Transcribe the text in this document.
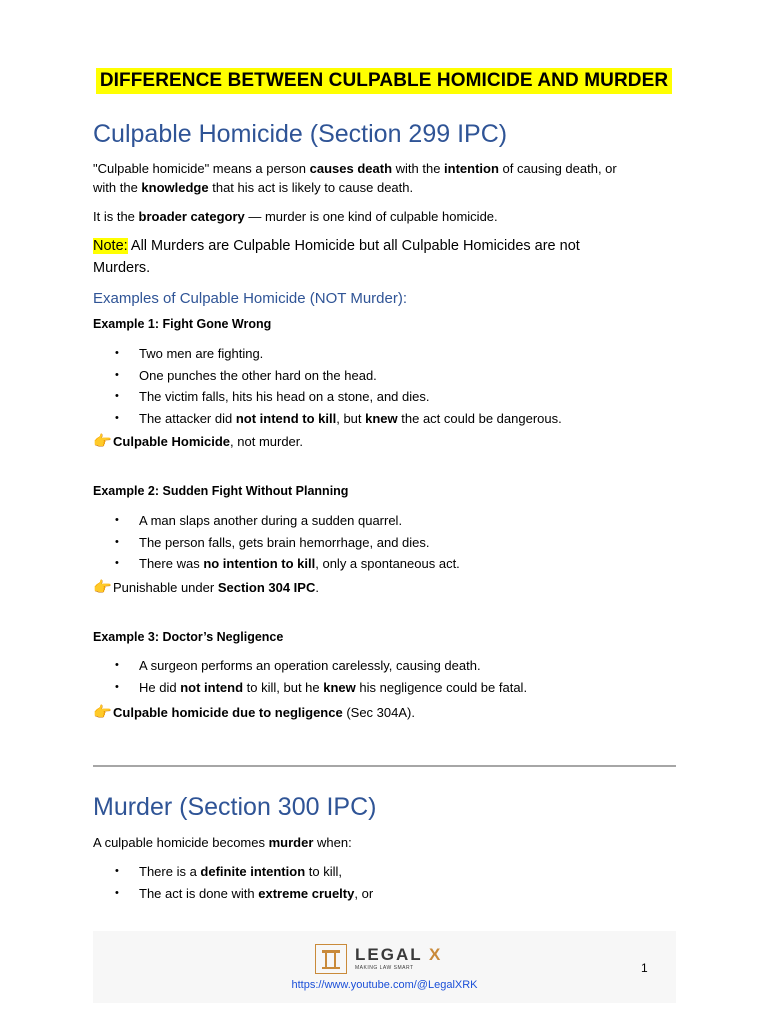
DIFFERENCE BETWEEN CULPABLE HOMICIDE AND MURDER
Culpable Homicide (Section 299 IPC)
"Culpable homicide" means a person causes death with the intention of causing death, or
with the knowledge that his act is likely to cause death.
It is the broader category — murder is one kind of culpable homicide.
Note: All Murders are Culpable Homicide but all Culpable Homicides are not
Murders.
Examples of Culpable Homicide (NOT Murder):
Example 1: Fight Gone Wrong
• Two men are fighting.
• One punches the other hard on the head.
• The victim falls, hits his head on a stone, and dies.
• The attacker did not intend to kill, but knew the act could be dangerous.
👉Culpable Homicide, not murder.
Example 2: Sudden Fight Without Planning
• A man slaps another during a sudden quarrel.
• The person falls, gets brain hemorrhage, and dies.
• There was no intention to kill, only a spontaneous act.
👉Punishable under Section 304 IPC.
Example 3: Doctor’s Negligence
• A surgeon performs an operation carelessly, causing death.
• He did not intend to kill, but he knew his negligence could be fatal.
👉Culpable homicide due to negligence (Sec 304A).
Murder (Section 300 IPC)
A culpable homicide becomes murder when:
• There is a definite intention to kill,
• The act is done with extreme cruelty, or
LEGAL X
MAKING LAW SMART	1
https://www.youtube.com/@LegalXRK
